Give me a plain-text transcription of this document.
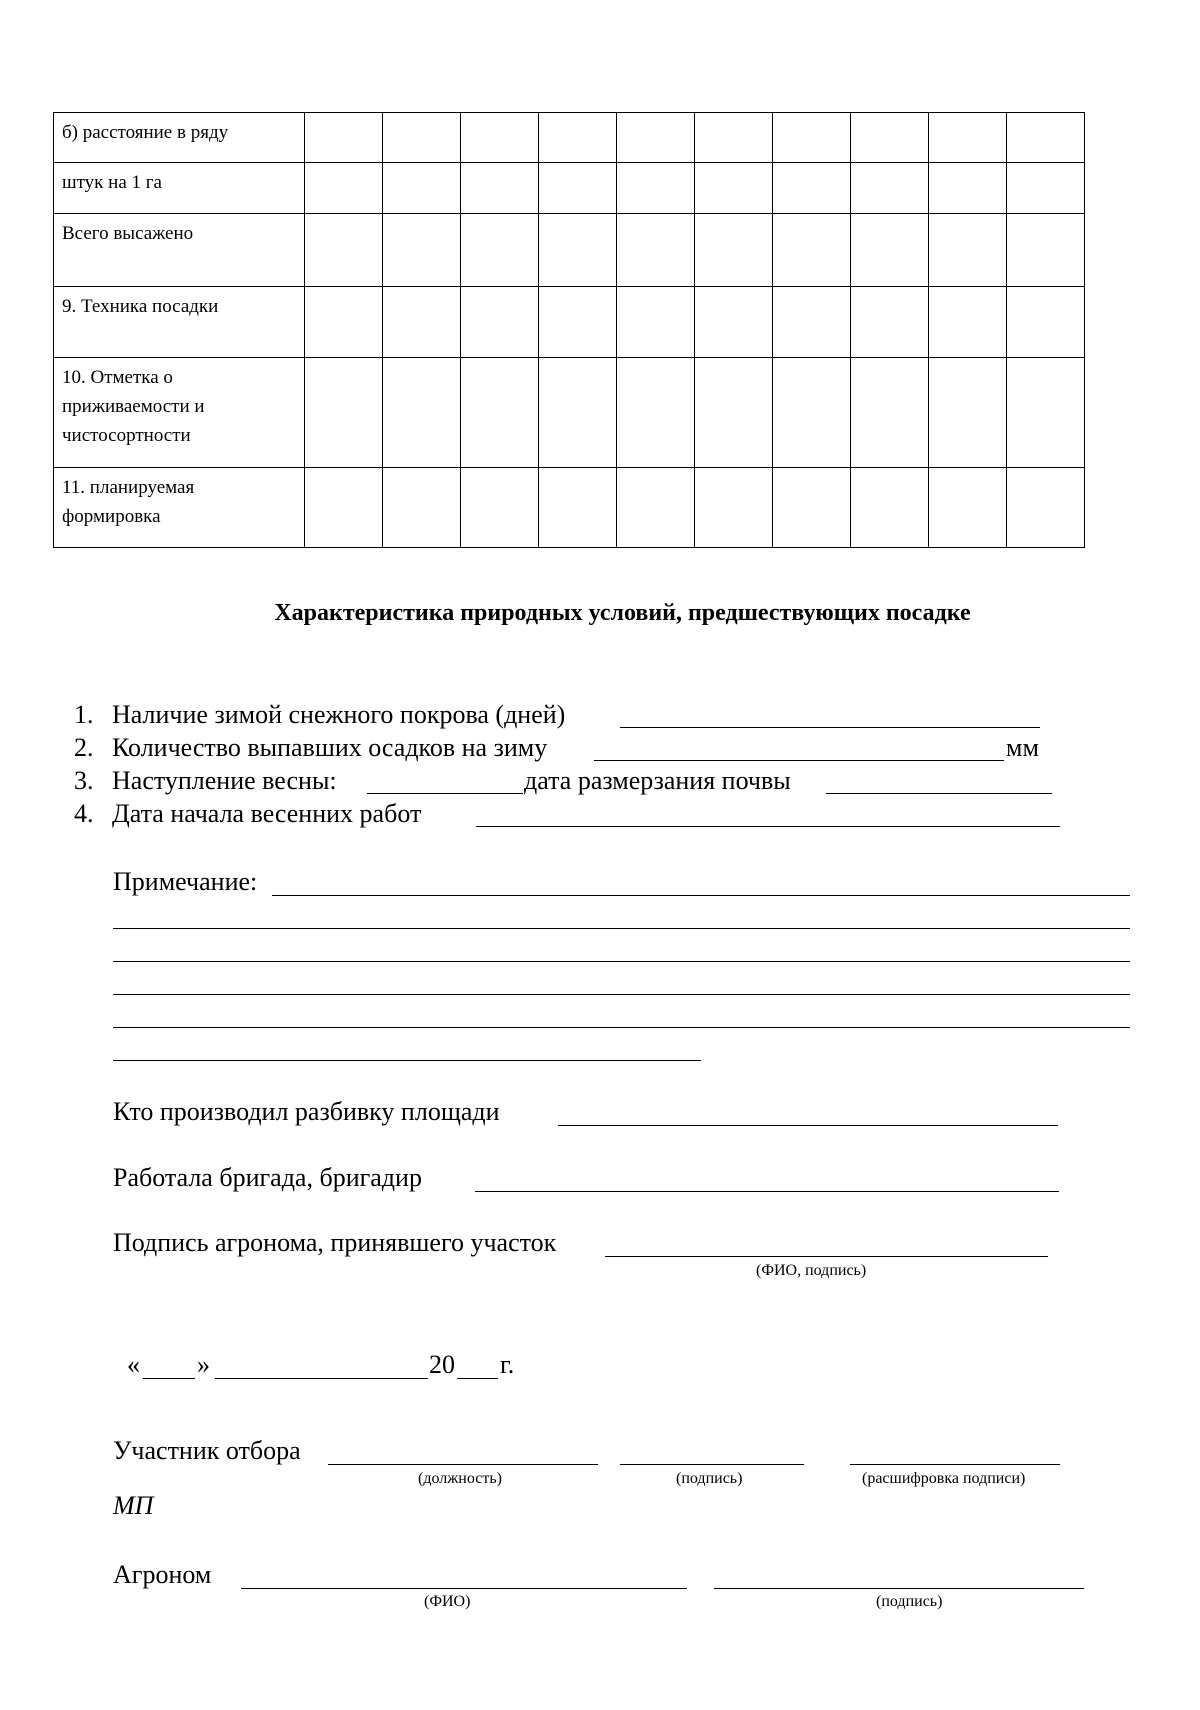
б) расстояние в ряду										
штук на 1 га										
Всего высажено										
9. Техника посадки										
10. Отметка о приживаемости и чистосортности										
11. планируемая формировка										
Характеристика природных условий, предшествующих посадке
1. Наличие зимой снежного покрова (дней)
2. Количество выпавших осадков на зиму	мм
3. Наступление весны:	дата размерзания почвы
4. Дата начала весенних работ
Примечание:
Кто производил разбивку площади
Работала бригада, бригадир
Подпись агронома, принявшего участок
(ФИО, подпись)
« »	20 г.
Участник отбора
(должность)	(подпись)	(расшифровка подписи)
МП
Агроном
(ФИО)	(подпись)
